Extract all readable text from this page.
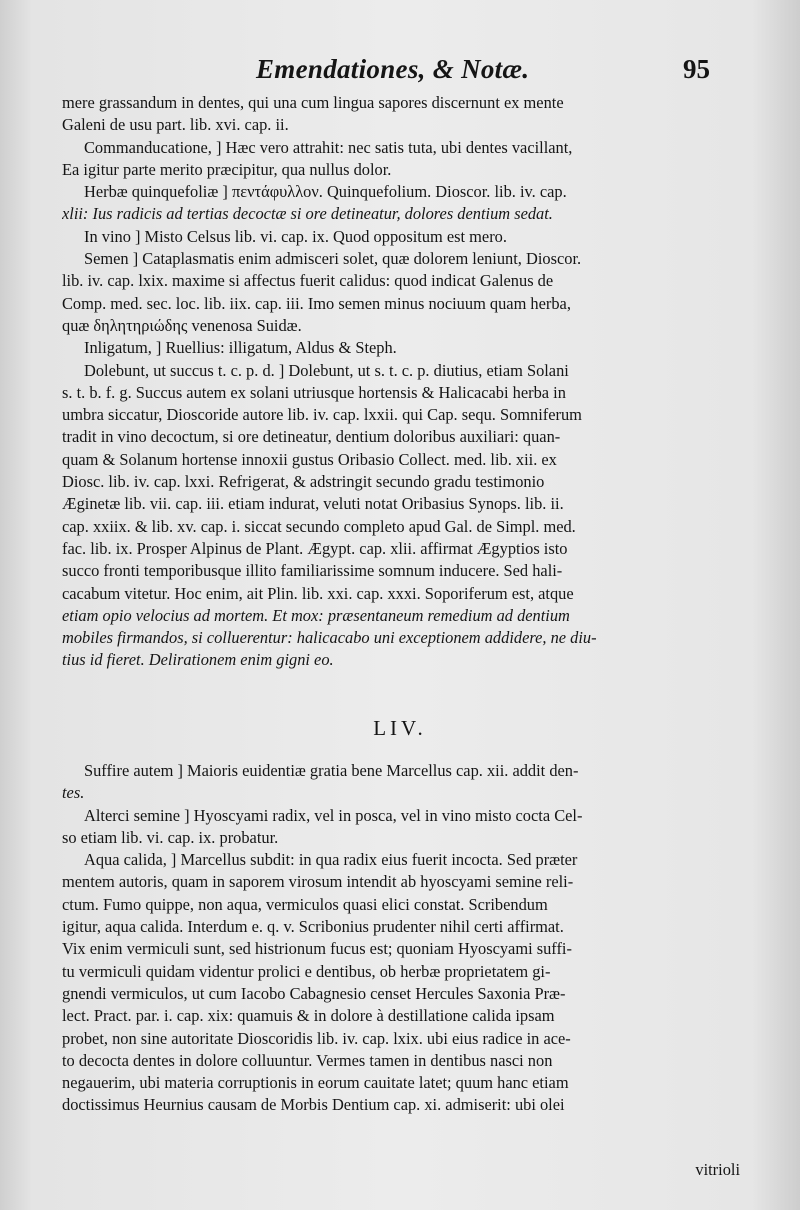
Emendationes, & Notæ.	95
mere grassandum in dentes, qui una cum lingua sapores discernunt ex mente
Galeni de usu part. lib. xvi. cap. ii.
Commanducatione, ] Hæc vero attrahit: nec satis tuta, ubi dentes vacillant,
Ea igitur parte merito præcipitur, qua nullus dolor.
Herbæ quinquefoliæ ] πεντάφυλλον. Quinquefolium. Dioscor. lib. iv. cap.
xlii: Ius radicis ad tertias decoctæ si ore detineatur, dolores dentium sedat.
In vino ] Misto Celsus lib. vi. cap. ix. Quod oppositum est mero.
Semen ] Cataplasmatis enim admisceri solet, quæ dolorem leniunt, Dioscor.
lib. iv. cap. lxix. maxime si affectus fuerit calidus: quod indicat Galenus de
Comp. med. sec. loc. lib. iix. cap. iii. Imo semen minus nociuum quam herba,
quæ δηλητηριώδης venenosa Suidæ.
Inligatum, ] Ruellius: illigatum, Aldus & Steph.
Dolebunt, ut succus t. c. p. d. ] Dolebunt, ut s. t. c. p. diutius, etiam Solani
s. t. b. f. g. Succus autem ex solani utriusque hortensis & Halicacabi herba in
umbra siccatur, Dioscoride autore lib. iv. cap. lxxii. qui Cap. sequ. Somniferum
tradit in vino decoctum, si ore detineatur, dentium doloribus auxiliari: quan-
quam & Solanum hortense innoxii gustus Oribasio Collect. med. lib. xii. ex
Diosc. lib. iv. cap. lxxi. Refrigerat, & adstringit secundo gradu testimonio
Æginetæ lib. vii. cap. iii. etiam indurat, veluti notat Oribasius Synops. lib. ii.
cap. xxiix. & lib. xv. cap. i. siccat secundo completo apud Gal. de Simpl. med.
fac. lib. ix. Prosper Alpinus de Plant. Ægypt. cap. xlii. affirmat Ægyptios isto
succo fronti temporibusque illito familiarissime somnum inducere. Sed hali-
cacabum vitetur. Hoc enim, ait Plin. lib. xxi. cap. xxxi. Soporiferum est, atque
etiam opio velocius ad mortem. Et mox: præsentaneum remedium ad dentium
mobiles firmandos, si colluerentur: halicacabo uni exceptionem addidere, ne diu-
tius id fieret. Delirationem enim gigni eo.
LIV.
Suffire autem ] Maioris euidentiæ gratia bene Marcellus cap. xii. addit den-
tes.
Alterci semine ] Hyoscyami radix, vel in posca, vel in vino misto cocta Cel-
so etiam lib. vi. cap. ix. probatur.
Aqua calida, ] Marcellus subdit: in qua radix eius fuerit incocta. Sed præter
mentem autoris, quam in saporem virosum intendit ab hyoscyami semine reli-
ctum. Fumo quippe, non aqua, vermiculos quasi elici constat. Scribendum
igitur, aqua calida. Interdum e. q. v. Scribonius prudenter nihil certi affirmat.
Vix enim vermiculi sunt, sed histrionum fucus est; quoniam Hyoscyami suffi-
tu vermiculi quidam videntur prolici e dentibus, ob herbæ proprietatem gi-
gnendi vermiculos, ut cum Iacobo Cabagnesio censet Hercules Saxonia Præ-
lect. Pract. par. i. cap. xix: quamuis & in dolore à destillatione calida ipsam
probet, non sine autoritate Dioscoridis lib. iv. cap. lxix. ubi eius radice in ace-
to decocta dentes in dolore colluuntur. Vermes tamen in dentibus nasci non
negauerim, ubi materia corruptionis in eorum cauitate latet; quum hanc etiam
doctissimus Heurnius causam de Morbis Dentium cap. xi. admiserit: ubi olei
vitrioli
